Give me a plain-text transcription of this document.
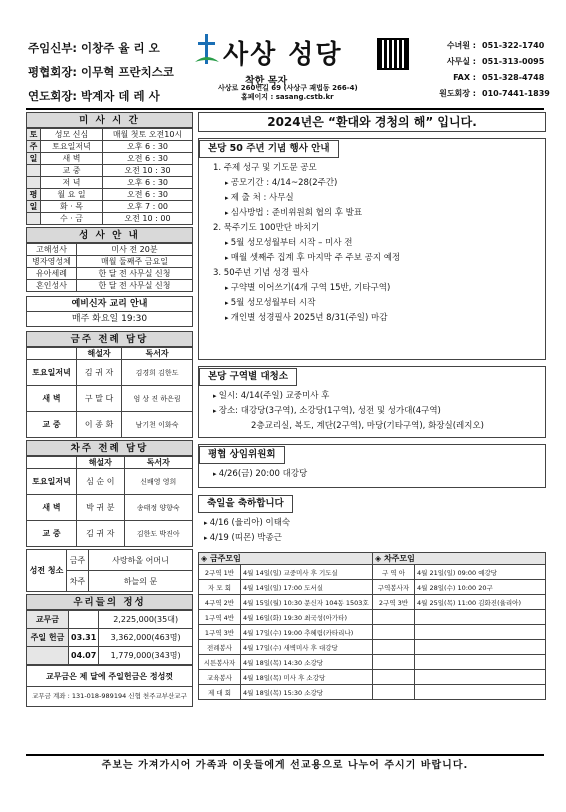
주임신부: 이창주 율 리 오
평협회장: 이무혁 프란치스코
연도회장: 박계자 데 레 사
사상 성당
착한 목자
사상로 260번길 69 (사상구 괘법동 266-4)
홈페이지 : sasang.cstb.kr
수녀원 : 051-322-1740
사무실 : 051-313-0095
FAX : 051-328-4748
원도회장 : 010-7441-1839
미 사 시 간
토	성모 신심	매월 첫토 오전10시
주	토요일저녁	오후 6 : 30
일	새 벽	오전 6 : 30
	교 중	오전 10 : 30
	저 녁	오후 6 : 30
평	월 요 일	오전 6 : 30
일	화 · 목	오후 7 : 00
	수 · 금	오전 10 : 00
성 사 안 내
고해성사	미사 전 20분
병자영성체	매월 둘째주 금요일
유아세례	한 달 전 사무실 신청
혼인성사	한 달 전 사무실 신청
예비신자 교리 안내
매주 화요일 19:30
금주 전례 담당
	해설자	독서자
토요일저녁	김 귀 자	김경희 김한도
새 벽	구 말 다	엄 상 진 하은림
교 중	이 종 화	남기천 이화숙
차주 전례 담당
	해설자	독서자
토요일저녁	심 순 이	신배영 영희
새 벽	박 귀 분	송태정 양향숙
교 중	김 귀 자	김한도 박진아
성전 청소	금주	사랑하올 어머니
	차주	하늘의 문
우리들의 정성
교무금		2,225,000(35대)
주일 헌금	03.31	3,362,000(463명)
	04.07	1,779,000(343명)
교무금은 제 달에 주일헌금은 정성껏
교무금 계좌 : 131-018-989194 신협 천주교부산교구
2024년은 “환대와 경청의 해” 입니다.
본당 50 주년 기념 행사 안내
1. 주제 성구 및 기도문 공모
▸ 공모기간 : 4/14~28(2주간)
▸ 제 출 처 : 사무실
▸ 심사방법 : 준비위원회 협의 후 발표
2. 묵주기도 100만단 바치기
▸ 5월 성모성월부터 시작 – 미사 전
▸ 매월 셋째주 집계 후 마지막 주 주보 공지 예정
3. 50주년 기념 성경 필사
▸ 구약별 이어쓰기(4개 구역 15반, 기타구역)
▸ 5월 성모성월부터 시작
▸ 개인별 성경필사 2025년 8/31(주일) 마감
본당 구역별 대청소
▸ 일시: 4/14(주일) 교중미사 후
▸ 장소: 대강당(3구역), 소강당(1구역), 성전 및 성가대(4구역)
2층교리실, 복도, 계단(2구역), 마당(기타구역), 화장실(레지오)
평협 상임위원회
▸ 4/26(금) 20:00 대강당
축일을 축하합니다
▸ 4/16 (율리아) 이태숙
▸ 4/19 (띠몬) 박종근
◈ 금주모임		◈ 차주모임	
2구역 1반	4월 14일(일) 교중미사 후 기도실	구 역 아	4월 21일(일) 09:00 예강당
자 모 회	4월 14일(일) 17:00 도서실	구역봉사자	4월 28일(수) 10:00 20구
4구역 2반	4월 15일(월) 10:30 문신자 104동 1503호	2구역 3반	4월 25일(목) 11:00 김화진(율리아)
1구역 4반	4월 16일(화) 19:30 최국성(아가타)		
1구역 3반	4월 17일(수) 19:00 추혜림(카타리나)		
전례봉사	4월 17일(수) 새벽미사 후 대강당		
시튼봉사자	4월 18일(목) 14:30 소강당		
교육봉사	4월 18일(목) 미사 후 소강당		
제 대 회	4월 18일(목) 15:30 소강당		
주보는 가져가시어 가족과 이웃들에게 선교용으로 나누어 주시기 바랍니다.
